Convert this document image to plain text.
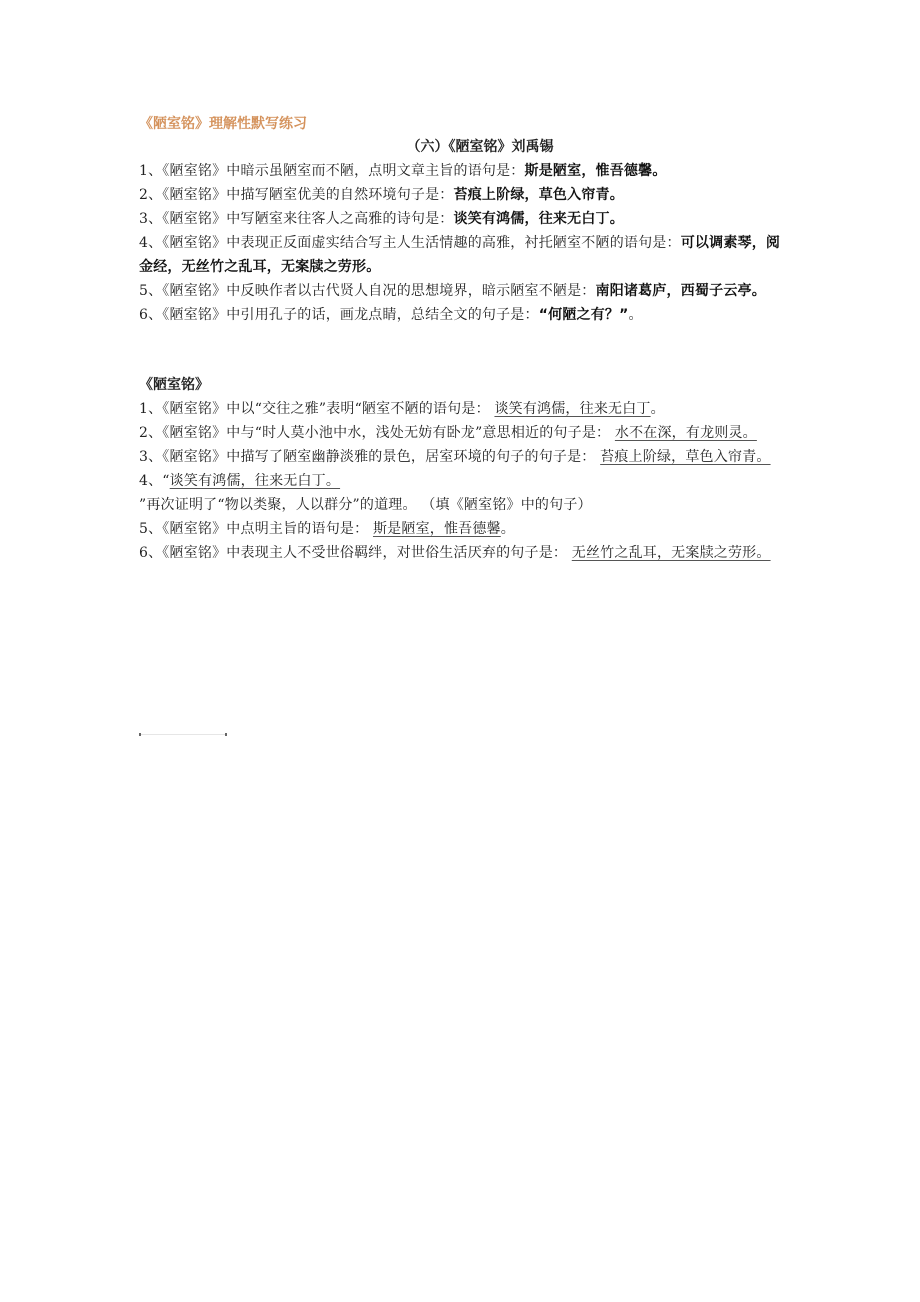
《陋室铭》理解性默写练习
（六）《陋室铭》刘禹锡

1、《陋室铭》中暗示虽陋室而不陋，点明文章主旨的语句是：斯是陋室，惟吾德馨。

2、《陋室铭》中描写陋室优美的自然环境句子是：苔痕上阶绿，草色入帘青。

3、《陋室铭》中写陋室来往客人之高雅的诗句是：谈笑有鸿儒，往来无白丁。

4、《陋室铭》中表现正反面虚实结合写主人生活情趣的高雅，衬托陋室不陋的语句是：可以调素琴，阅金经，无丝竹之乱耳，无案牍之劳形。

5、《陋室铭》中反映作者以古代贤人自况的思想境界，暗示陋室不陋是：南阳诸葛庐，西蜀子云亭。

6、《陋室铭》中引用孔子的话，画龙点睛，总结全文的句子是：“何陋之有？”。

《陋室铭》

1、《陋室铭》中以“交往之雅”表明“陋室不陋的语句是： 谈笑有鸿儒，往来无白丁。

2、《陋室铭》中与“时人莫小池中水，浅处无妨有卧龙”意思相近的句子是： 水不在深，有龙则灵。

3、《陋室铭》中描写了陋室幽静淡雅的景色，居室环境的句子的句子是： 苔痕上阶绿，草色入帘青。

4、“谈笑有鸿儒，往来无白丁。 ”再次证明了“物以类聚，人以群分”的道理。 （填《陋室铭》中的句子）

5、《陋室铭》中点明主旨的语句是： 斯是陋室，惟吾德馨。

6、《陋室铭》中表现主人不受世俗羁绊，对世俗生活厌弃的句子是： 无丝竹之乱耳，无案牍之劳形。
